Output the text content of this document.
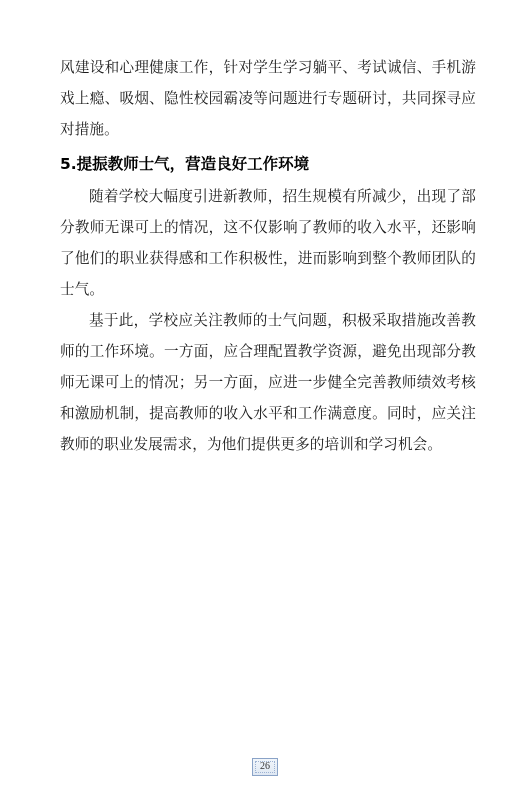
风建设和心理健康工作，针对学生学习躺平、考试诚信、手机游戏上瘾、吸烟、隐性校园霸凌等问题进行专题研讨，共同探寻应对措施。

5.提振教师士气，营造良好工作环境

随着学校大幅度引进新教师，招生规模有所减少，出现了部分教师无课可上的情况，这不仅影响了教师的收入水平，还影响了他们的职业获得感和工作积极性，进而影响到整个教师团队的士气。

基于此，学校应关注教师的士气问题，积极采取措施改善教师的工作环境。一方面，应合理配置教学资源，避免出现部分教师无课可上的情况；另一方面，应进一步健全完善教师绩效考核和激励机制，提高教师的收入水平和工作满意度。同时，应关注教师的职业发展需求，为他们提供更多的培训和学习机会。

26
